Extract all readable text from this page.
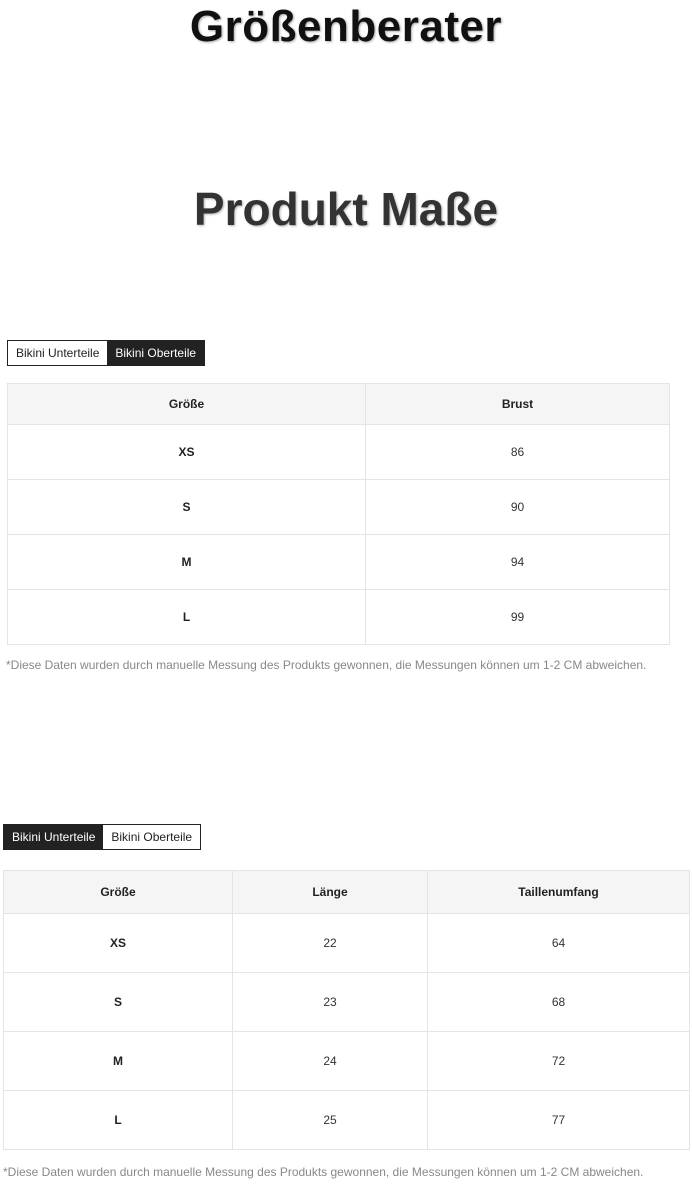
Größenberater
Produkt Maße
Bikini Unterteile	Bikini Oberteile
Größe	Brust
XS	86
S	90
M	94
L	99
*Diese Daten wurden durch manuelle Messung des Produkts gewonnen, die Messungen können um 1-2 CM abweichen.
Bikini Unterteile	Bikini Oberteile
Größe	Länge	Taillenumfang
XS	22	64
S	23	68
M	24	72
L	25	77
*Diese Daten wurden durch manuelle Messung des Produkts gewonnen, die Messungen können um 1-2 CM abweichen.
